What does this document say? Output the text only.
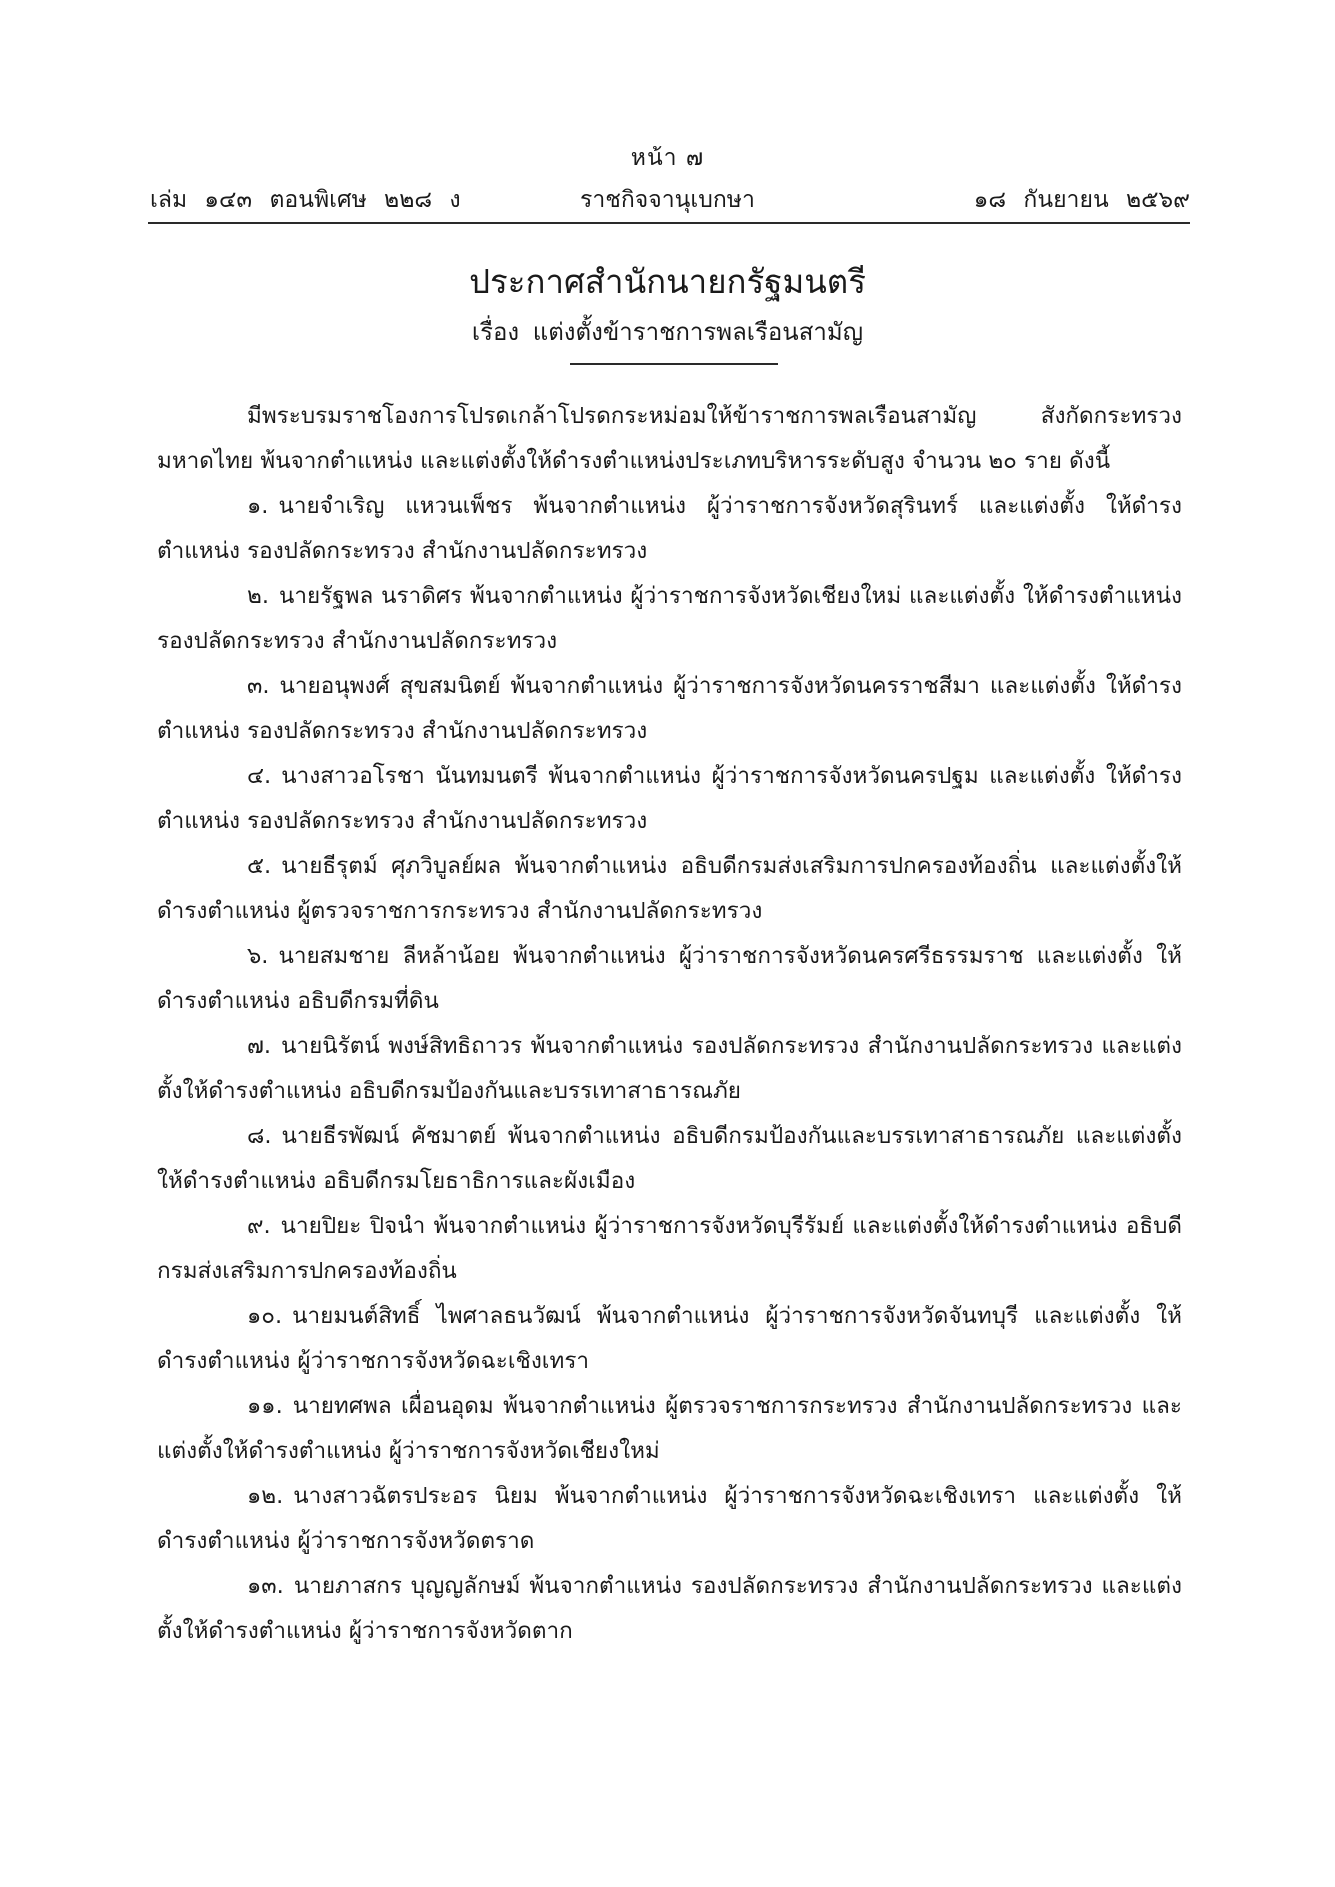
หน้า ๗
เล่ม ๑๔๓ ตอนพิเศษ ๒๒๘ ง	ราชกิจจานุเบกษา	๑๘ กันยายน ๒๕๖๙
ประกาศสำนักนายกรัฐมนตรี
เรื่อง แต่งตั้งข้าราชการพลเรือนสามัญ

มีพระบรมราชโองการโปรดเกล้าโปรดกระหม่อมให้ข้าราชการพลเรือนสามัญ สังกัดกระทรวงมหาดไทย พ้นจากตำแหน่ง และแต่งตั้งให้ดำรงตำแหน่งประเภทบริหารระดับสูง จำนวน ๒๐ ราย ดังนี้

๑. นายจำเริญ แหวนเพ็ชร พ้นจากตำแหน่ง ผู้ว่าราชการจังหวัดสุรินทร์ และแต่งตั้ง ให้ดำรงตำแหน่ง รองปลัดกระทรวง สำนักงานปลัดกระทรวง

๒. นายรัฐพล นราดิศร พ้นจากตำแหน่ง ผู้ว่าราชการจังหวัดเชียงใหม่ และแต่งตั้ง ให้ดำรงตำแหน่ง รองปลัดกระทรวง สำนักงานปลัดกระทรวง

๓. นายอนุพงศ์ สุขสมนิตย์ พ้นจากตำแหน่ง ผู้ว่าราชการจังหวัดนครราชสีมา และแต่งตั้ง ให้ดำรงตำแหน่ง รองปลัดกระทรวง สำนักงานปลัดกระทรวง

๔. นางสาวอโรชา นันทมนตรี พ้นจากตำแหน่ง ผู้ว่าราชการจังหวัดนครปฐม และแต่งตั้ง ให้ดำรงตำแหน่ง รองปลัดกระทรวง สำนักงานปลัดกระทรวง

๕. นายธีรุตม์ ศุภวิบูลย์ผล พ้นจากตำแหน่ง อธิบดีกรมส่งเสริมการปกครองท้องถิ่น และแต่งตั้งให้ดำรงตำแหน่ง ผู้ตรวจราชการกระทรวง สำนักงานปลัดกระทรวง

๖. นายสมชาย ลีหล้าน้อย พ้นจากตำแหน่ง ผู้ว่าราชการจังหวัดนครศรีธรรมราช และแต่งตั้ง ให้ดำรงตำแหน่ง อธิบดีกรมที่ดิน

๗. นายนิรัตน์ พงษ์สิทธิถาวร พ้นจากตำแหน่ง รองปลัดกระทรวง สำนักงานปลัดกระทรวง และแต่งตั้งให้ดำรงตำแหน่ง อธิบดีกรมป้องกันและบรรเทาสาธารณภัย

๘. นายธีรพัฒน์ คัชมาตย์ พ้นจากตำแหน่ง อธิบดีกรมป้องกันและบรรเทาสาธารณภัย และแต่งตั้งให้ดำรงตำแหน่ง อธิบดีกรมโยธาธิการและผังเมือง

๙. นายปิยะ ปิจนำ พ้นจากตำแหน่ง ผู้ว่าราชการจังหวัดบุรีรัมย์ และแต่งตั้งให้ดำรงตำแหน่ง อธิบดีกรมส่งเสริมการปกครองท้องถิ่น

๑๐. นายมนต์สิทธิ์ ไพศาลธนวัฒน์ พ้นจากตำแหน่ง ผู้ว่าราชการจังหวัดจันทบุรี และแต่งตั้ง ให้ดำรงตำแหน่ง ผู้ว่าราชการจังหวัดฉะเชิงเทรา

๑๑. นายทศพล เผื่อนอุดม พ้นจากตำแหน่ง ผู้ตรวจราชการกระทรวง สำนักงานปลัดกระทรวง และแต่งตั้งให้ดำรงตำแหน่ง ผู้ว่าราชการจังหวัดเชียงใหม่

๑๒. นางสาวฉัตรประอร นิยม พ้นจากตำแหน่ง ผู้ว่าราชการจังหวัดฉะเชิงเทรา และแต่งตั้ง ให้ดำรงตำแหน่ง ผู้ว่าราชการจังหวัดตราด

๑๓. นายภาสกร บุญญลักษม์ พ้นจากตำแหน่ง รองปลัดกระทรวง สำนักงานปลัดกระทรวง และแต่งตั้งให้ดำรงตำแหน่ง ผู้ว่าราชการจังหวัดตาก
